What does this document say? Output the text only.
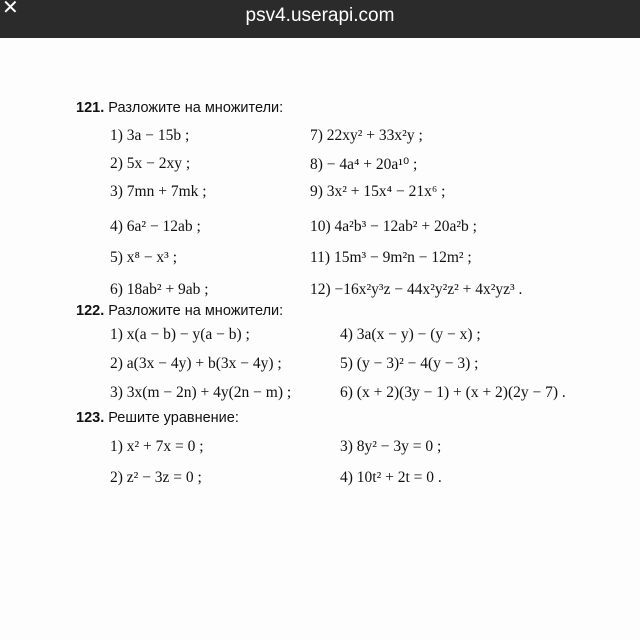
✕	psv4.userapi.com
121. Разложите на множители:
1) 3a − 15b ;	7) 22xy² + 33x²y ;
2) 5x − 2xy ;	8) − 4a⁴ + 20a¹⁰ ;
3) 7mn + 7mk ;	9) 3x² + 15x⁴ − 21x⁶ ;
4) 6a² − 12ab ;	10) 4a²b³ − 12ab² + 20a²b ;
5) x⁸ − x³ ;	11) 15m³ − 9m²n − 12m² ;
6) 18ab² + 9ab ;	12) −16x²y³z − 44x²y²z² + 4x²yz³ .
122. Разложите на множители:
1) x(a − b) − y(a − b) ;	4) 3a(x − y) − (y − x) ;
2) a(3x − 4y) + b(3x − 4y) ;	5) (y − 3)² − 4(y − 3) ;
3) 3x(m − 2n) + 4y(2n − m) ;	6) (x + 2)(3y − 1) + (x + 2)(2y − 7) .
123. Решите уравнение:
1) x² + 7x = 0 ;	3) 8y² − 3y = 0 ;
2) z² − 3z = 0 ;	4) 10t² + 2t = 0 .
